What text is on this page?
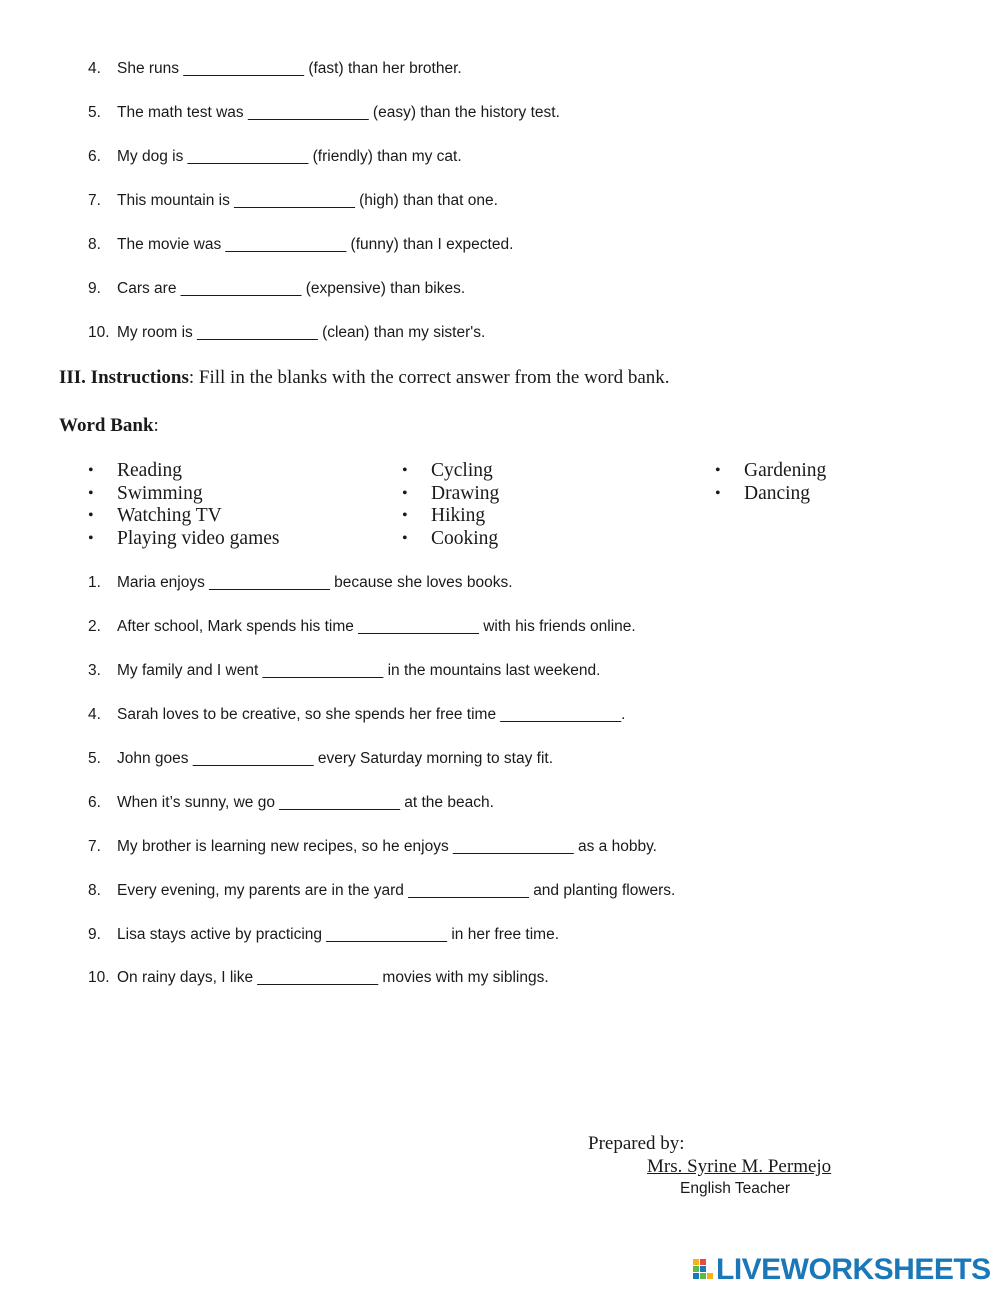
4. She runs ______________ (fast) than her brother.
5. The math test was ______________ (easy) than the history test.
6. My dog is ______________ (friendly) than my cat.
7. This mountain is ______________ (high) than that one.
8. The movie was ______________ (funny) than I expected.
9. Cars are ______________ (expensive) than bikes.
10. My room is ______________ (clean) than my sister's.
III. Instructions: Fill in the blanks with the correct answer from the word bank.
Word Bank:
• Reading
• Swimming
• Watching TV
• Playing video games
• Cycling
• Drawing
• Hiking
• Cooking
• Gardening
• Dancing
1. Maria enjoys ______________ because she loves books.
2. After school, Mark spends his time ______________ with his friends online.
3. My family and I went ______________ in the mountains last weekend.
4. Sarah loves to be creative, so she spends her free time ______________.
5. John goes ______________ every Saturday morning to stay fit.
6. When it’s sunny, we go ______________ at the beach.
7. My brother is learning new recipes, so he enjoys ______________ as a hobby.
8. Every evening, my parents are in the yard ______________ and planting flowers.
9. Lisa stays active by practicing ______________ in her free time.
10. On rainy days, I like ______________ movies with my siblings.
Prepared by:
Mrs. Syrine M. Permejo
English Teacher
LIVEWORKSHEETS
